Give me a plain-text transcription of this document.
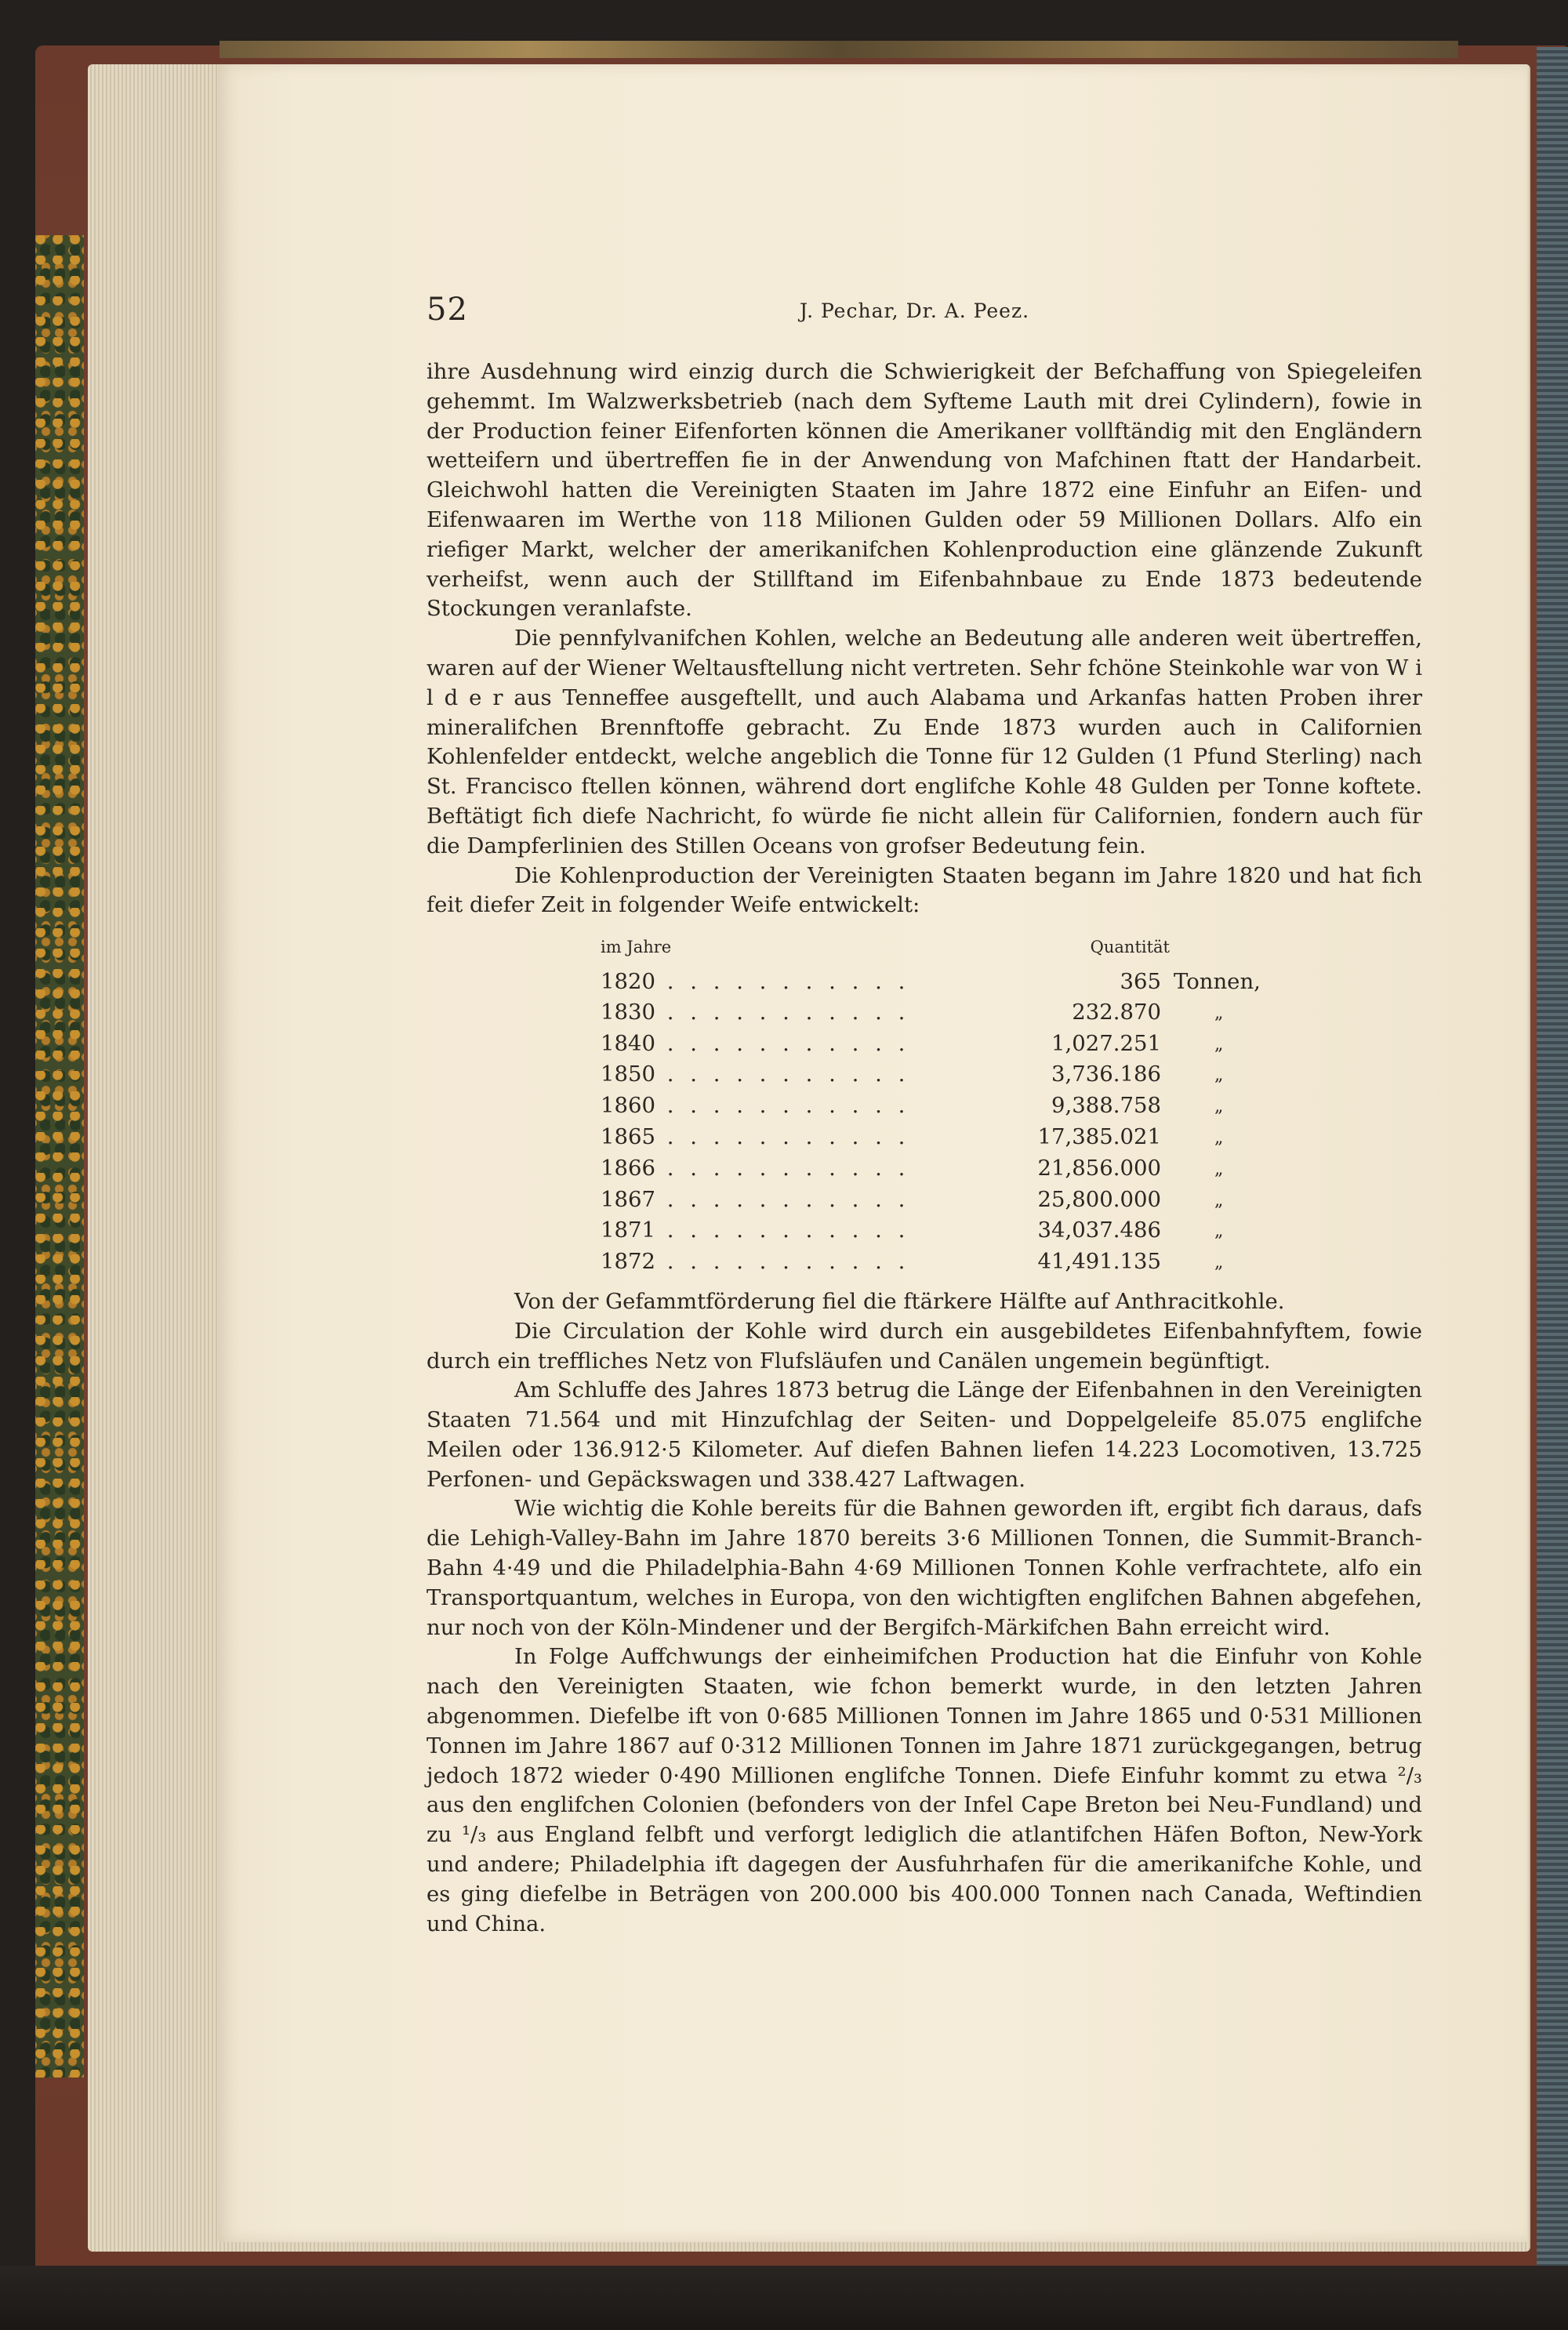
52	J. Pechar, Dr. A. Peez.

ihre Ausdehnung wird einzig durch die Schwierigkeit der Befchaffung von Spiegeleifen gehemmt. Im Walzwerksbetrieb (nach dem Syfteme Lauth mit drei Cylindern), fowie in der Production feiner Eifenforten können die Amerikaner vollftändig mit den Engländern wetteifern und übertreffen fie in der Anwendung von Mafchinen ftatt der Handarbeit. Gleichwohl hatten die Vereinigten Staaten im Jahre 1872 eine Einfuhr an Eifen- und Eifenwaaren im Werthe von 118 Milionen Gulden oder 59 Millionen Dollars. Alfo ein riefiger Markt, welcher der amerikanifchen Kohlenproduction eine glänzende Zukunft verheifst, wenn auch der Stillftand im Eifenbahnbaue zu Ende 1873 bedeutende Stockungen veranlafste.

Die pennfylvanifchen Kohlen, welche an Bedeutung alle anderen weit übertreffen, waren auf der Wiener Weltausftellung nicht vertreten. Sehr fchöne Steinkohle war von W i l d e r aus Tenneffee ausgeftellt, und auch Alabama und Arkanfas hatten Proben ihrer mineralifchen Brennftoffe gebracht. Zu Ende 1873 wurden auch in Californien Kohlenfelder entdeckt, welche angeblich die Tonne für 12 Gulden (1 Pfund Sterling) nach St. Francisco ftellen können, während dort englifche Kohle 48 Gulden per Tonne koftete. Beftätigt fich diefe Nachricht, fo würde fie nicht allein für Californien, fondern auch für die Dampferlinien des Stillen Oceans von grofser Bedeutung fein.

Die Kohlenproduction der Vereinigten Staaten begann im Jahre 1820 und hat fich feit diefer Zeit in folgender Weife entwickelt:

im Jahre	Quantität	
1820 . . . . . . . . . . .	365	Tonnen,
1830 . . . . . . . . . . .	232.870	„
1840 . . . . . . . . . . .	1,027.251	„
1850 . . . . . . . . . . .	3,736.186	„
1860 . . . . . . . . . . .	9,388.758	„
1865 . . . . . . . . . . .	17,385.021	„
1866 . . . . . . . . . . .	21,856.000	„
1867 . . . . . . . . . . .	25,800.000	„
1871 . . . . . . . . . . .	34,037.486	„
1872 . . . . . . . . . . .	41,491.135	„

Von der Gefammtförderung fiel die ftärkere Hälfte auf Anthracitkohle.

Die Circulation der Kohle wird durch ein ausgebildetes Eifenbahnfyftem, fowie durch ein treffliches Netz von Flufsläufen und Canälen ungemein begünftigt.

Am Schluffe des Jahres 1873 betrug die Länge der Eifenbahnen in den Vereinigten Staaten 71.564 und mit Hinzufchlag der Seiten- und Doppelgeleife 85.075 englifche Meilen oder 136.912·5 Kilometer. Auf diefen Bahnen liefen 14.223 Locomotiven, 13.725 Perfonen- und Gepäckswagen und 338.427 Laftwagen.

Wie wichtig die Kohle bereits für die Bahnen geworden ift, ergibt fich daraus, dafs die Lehigh-Valley-Bahn im Jahre 1870 bereits 3·6 Millionen Tonnen, die Summit-Branch-Bahn 4·49 und die Philadelphia-Bahn 4·69 Millionen Tonnen Kohle verfrachtete, alfo ein Transportquantum, welches in Europa, von den wichtigften englifchen Bahnen abgefehen, nur noch von der Köln-Mindener und der Bergifch-Märkifchen Bahn erreicht wird.

In Folge Auffchwungs der einheimifchen Production hat die Einfuhr von Kohle nach den Vereinigten Staaten, wie fchon bemerkt wurde, in den letzten Jahren abgenommen. Diefelbe ift von 0·685 Millionen Tonnen im Jahre 1865 und 0·531 Millionen Tonnen im Jahre 1867 auf 0·312 Millionen Tonnen im Jahre 1871 zurückgegangen, betrug jedoch 1872 wieder 0·490 Millionen englifche Tonnen. Diefe Einfuhr kommt zu etwa ²/₃ aus den englifchen Colonien (befonders von der Infel Cape Breton bei Neu-Fundland) und zu ¹/₃ aus England felbft und verforgt lediglich die atlantifchen Häfen Bofton, New-York und andere; Philadelphia ift dagegen der Ausfuhrhafen für die amerikanifche Kohle, und es ging diefelbe in Beträgen von 200.000 bis 400.000 Tonnen nach Canada, Weftindien und China.
